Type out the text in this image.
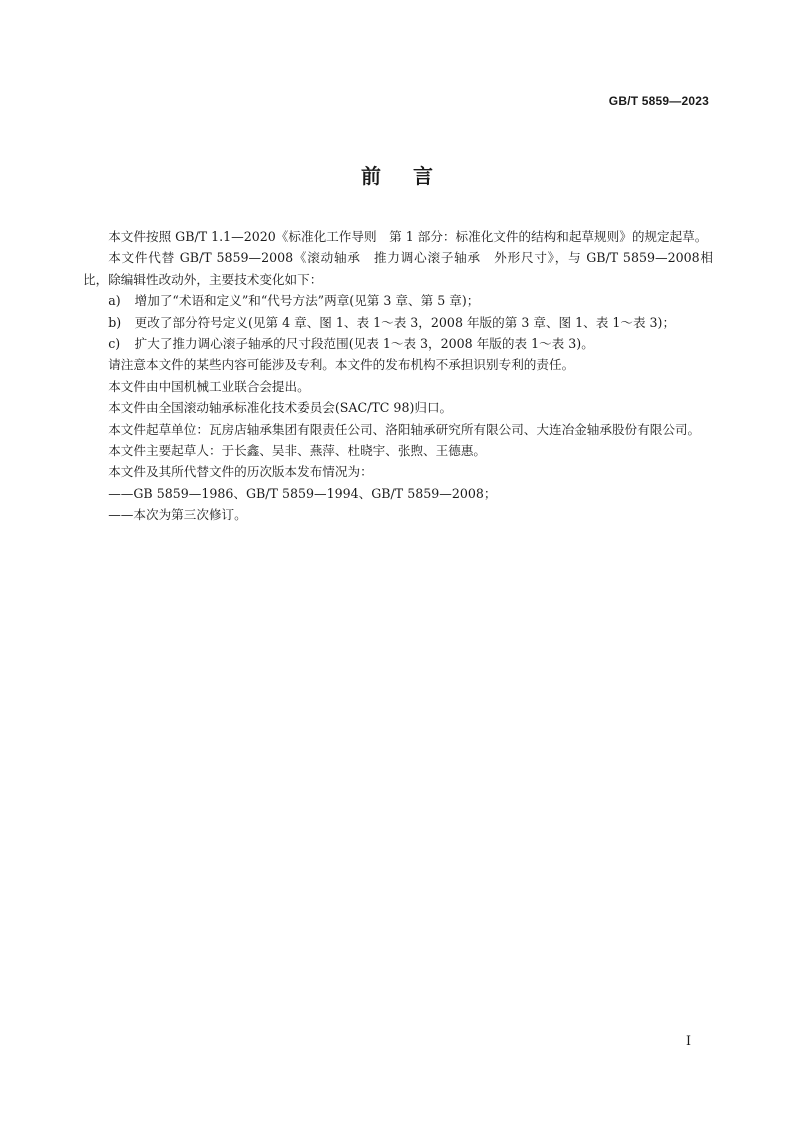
GB/T 5859—2023
前言

本文件按照 GB/T 1.1—2020《标准化工作导则　第 1 部分：标准化文件的结构和起草规则》的规定起草。

本文件代替 GB/T 5859—2008《滚动轴承　推力调心滚子轴承　外形尺寸》，与 GB/T 5859—2008相比，除编辑性改动外，主要技术变化如下：

a)	增加了“术语和定义”和“代号方法”两章(见第 3 章、第 5 章)；
b)	更改了部分符号定义(见第 4 章、图 1、表 1～表 3，2008 年版的第 3 章、图 1、表 1～表 3)；
c)	扩大了推力调心滚子轴承的尺寸段范围(见表 1～表 3，2008 年版的表 1～表 3)。

请注意本文件的某些内容可能涉及专利。本文件的发布机构不承担识别专利的责任。

本文件由中国机械工业联合会提出。

本文件由全国滚动轴承标准化技术委员会(SAC/TC 98)归口。

本文件起草单位：瓦房店轴承集团有限责任公司、洛阳轴承研究所有限公司、大连冶金轴承股份有限公司。

本文件主要起草人：于长鑫、吴非、燕萍、杜晓宇、张煦、王德惠。

本文件及其所代替文件的历次版本发布情况为：

——GB 5859—1986、GB/T 5859—1994、GB/T 5859—2008；

——本次为第三次修订。

I
